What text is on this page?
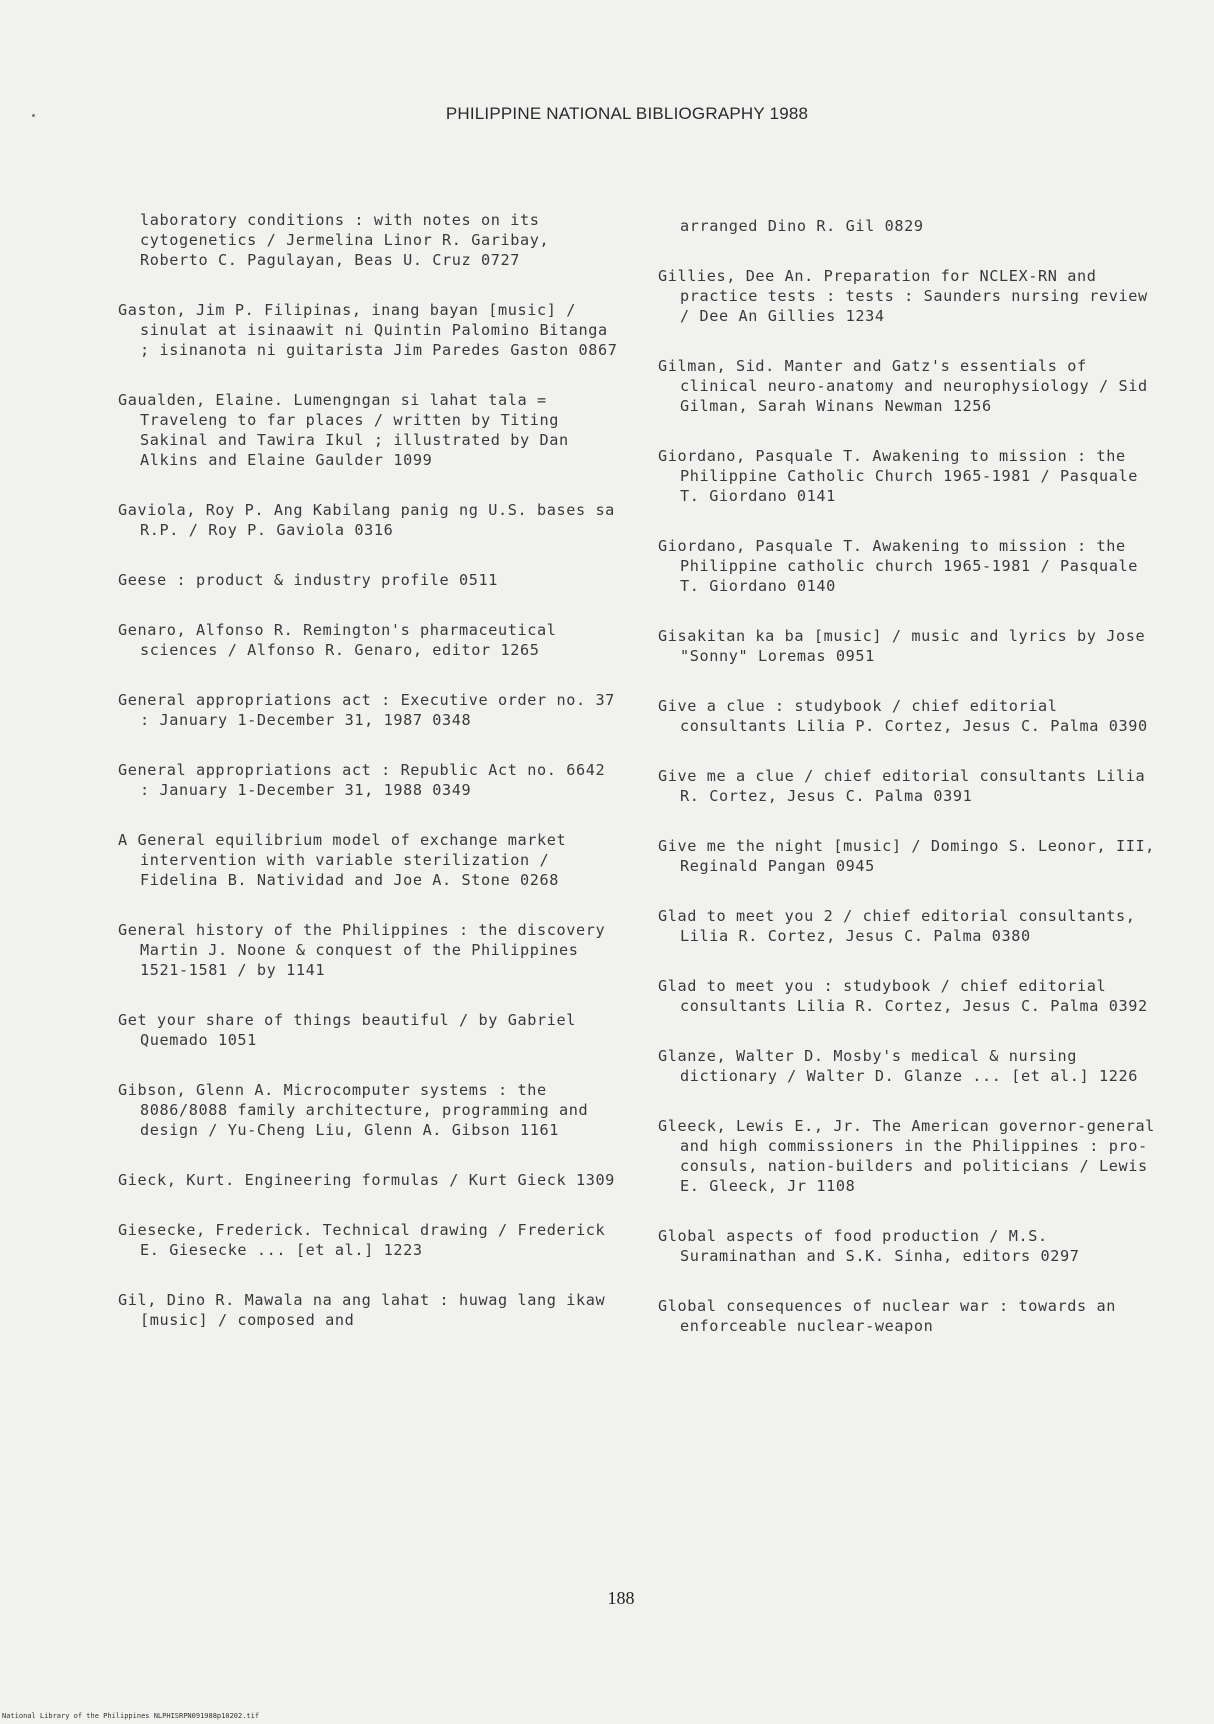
PHILIPPINE NATIONAL BIBLIOGRAPHY 1988

laboratory conditions : with notes on its cytogenetics / Jermelina Linor R. Garibay, Roberto C. Pagulayan, Beas U. Cruz 0727

Gaston, Jim P. Filipinas, inang bayan [music] / sinulat at isinaawit ni Quintin Palomino Bitanga ; isinanota ni guitarista Jim Paredes Gaston 0867

Gaualden, Elaine. Lumengngan si lahat tala = Traveleng to far places / written by Titing Sakinal and Tawira Ikul ; illustrated by Dan Alkins and Elaine Gaulder 1099

Gaviola, Roy P. Ang Kabilang panig ng U.S. bases sa R.P. / Roy P. Gaviola 0316

Geese : product & industry profile 0511

Genaro, Alfonso R. Remington's pharmaceutical sciences / Alfonso R. Genaro, editor 1265

General appropriations act : Executive order no. 37 : January 1-December 31, 1987 0348

General appropriations act : Republic Act no. 6642 : January 1-December 31, 1988 0349

A General equilibrium model of exchange market intervention with variable sterilization / Fidelina B. Natividad and Joe A. Stone 0268

General history of the Philippines : the discovery Martin J. Noone & conquest of the Philippines 1521-1581 / by 1141

Get your share of things beautiful / by Gabriel Quemado 1051

Gibson, Glenn A. Microcomputer systems : the 8086/8088 family architecture, programming and design / Yu-Cheng Liu, Glenn A. Gibson 1161

Gieck, Kurt. Engineering formulas / Kurt Gieck 1309

Giesecke, Frederick. Technical drawing / Frederick E. Giesecke ... [et al.] 1223

Gil, Dino R. Mawala na ang lahat : huwag lang ikaw [music] / composed and

arranged Dino R. Gil 0829

Gillies, Dee An. Preparation for NCLEX-RN and practice tests : tests : Saunders nursing review / Dee An Gillies 1234

Gilman, Sid. Manter and Gatz's essentials of clinical neuro-anatomy and neurophysiology / Sid Gilman, Sarah Winans Newman 1256

Giordano, Pasquale T. Awakening to mission : the Philippine Catholic Church 1965-1981 / Pasquale T. Giordano 0141

Giordano, Pasquale T. Awakening to mission : the Philippine catholic church 1965-1981 / Pasquale T. Giordano 0140

Gisakitan ka ba [music] / music and lyrics by Jose "Sonny" Loremas 0951

Give a clue : studybook / chief editorial consultants Lilia P. Cortez, Jesus C. Palma 0390

Give me a clue / chief editorial consultants Lilia R. Cortez, Jesus C. Palma 0391

Give me the night [music] / Domingo S. Leonor, III, Reginald Pangan 0945

Glad to meet you 2 / chief editorial consultants, Lilia R. Cortez, Jesus C. Palma 0380

Glad to meet you : studybook / chief editorial consultants Lilia R. Cortez, Jesus C. Palma 0392

Glanze, Walter D. Mosby's medical & nursing dictionary / Walter D. Glanze ... [et al.] 1226

Gleeck, Lewis E., Jr. The American governor-general and high commissioners in the Philippines : pro-consuls, nation-builders and politicians / Lewis E. Gleeck, Jr 1108

Global aspects of food production / M.S. Suraminathan and S.K. Sinha, editors 0297

Global consequences of nuclear war : towards an enforceable nuclear-weapon

188
National Library of the Philippines NLPHISRPN091988p10202.tif
